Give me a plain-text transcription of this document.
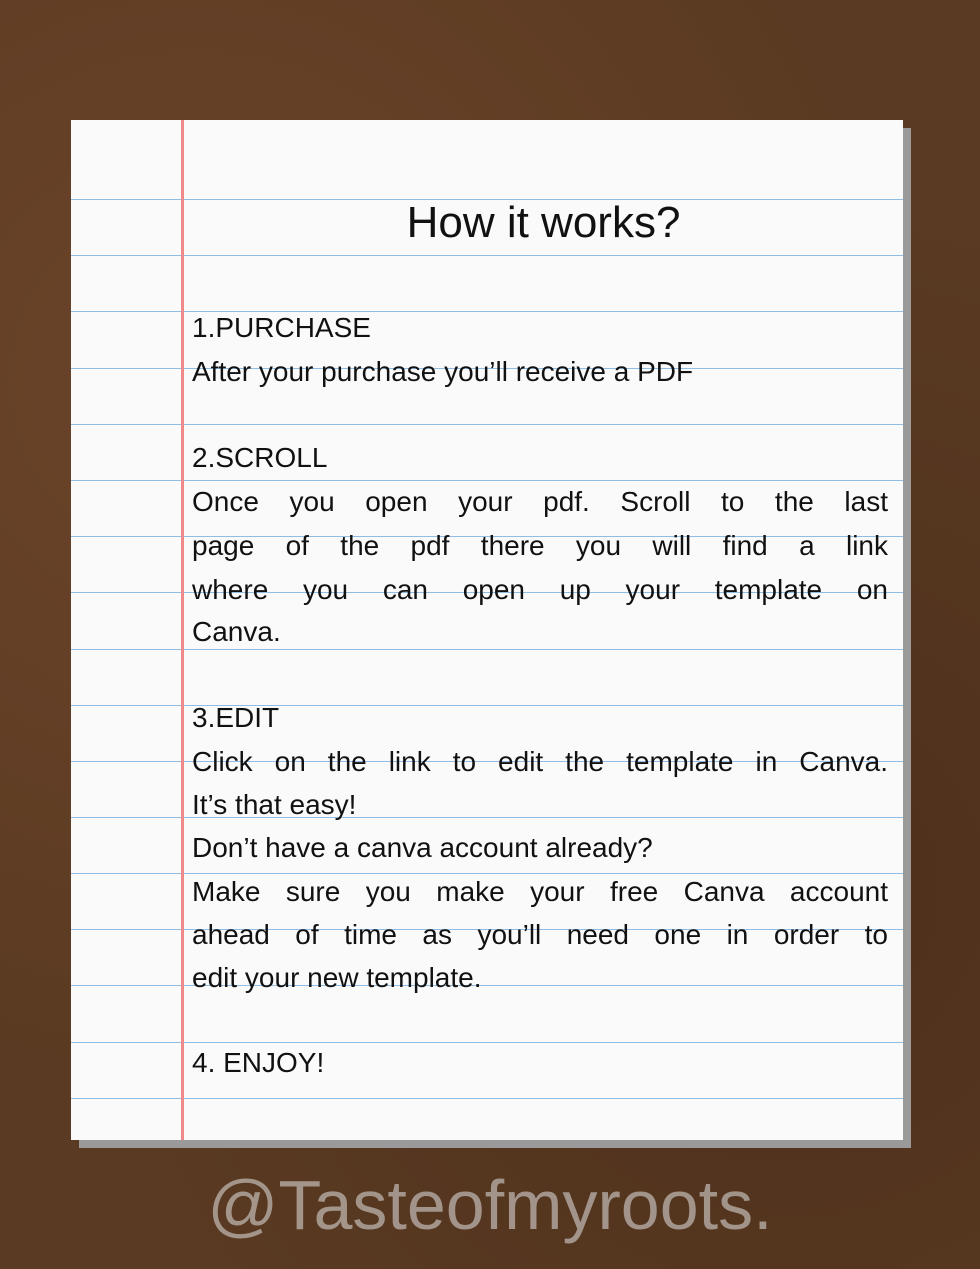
How it works?
1.PURCHASE
After your purchase you’ll receive a PDF
2.SCROLL
Once you open your pdf. Scroll to the last
page of the pdf there you will find a link
where you can open up your template on
Canva.
3.EDIT
Click on the link to edit the template in Canva.
It’s that easy!
Don’t have a canva account already?
Make sure you make your free Canva account
ahead of time as you’ll need one in order to
edit your new template.
4. ENJOY!
@Tasteofmyroots.
